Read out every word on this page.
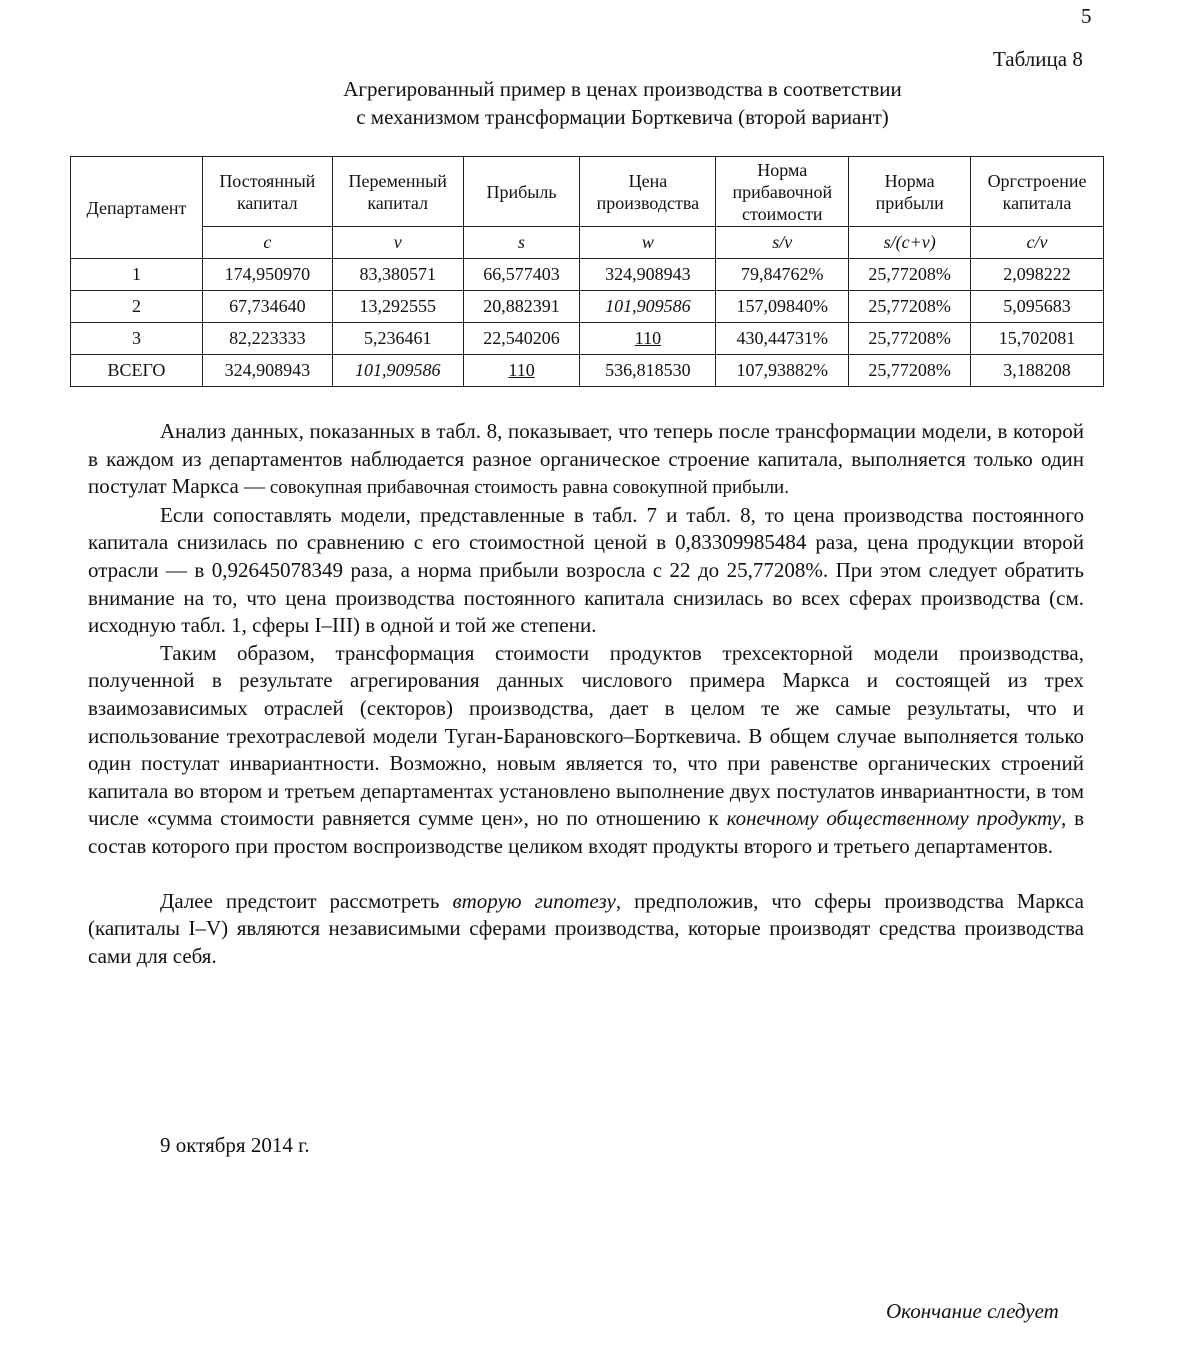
5
Таблица 8
Агрегированный пример в ценах производства в соответствии
с механизмом трансформации Борткевича (второй вариант)
Департамент	Постоянный капитал	Переменный капитал	Прибыль	Цена производства	Норма прибавочной стоимости	Норма прибыли	Оргстроение капитала
	c	v	s	w	s/v	s/(c+v)	c/v
1	174,950970	83,380571	66,577403	324,908943	79,84762%	25,77208%	2,098222
2	67,734640	13,292555	20,882391	101,909586	157,09840%	25,77208%	5,095683
3	82,223333	5,236461	22,540206	110	430,44731%	25,77208%	15,702081
ВСЕГО	324,908943	101,909586	110	536,818530	107,93882%	25,77208%	3,188208

Анализ данных, показанных в табл. 8, показывает, что теперь после трансформации модели, в которой в каждом из департаментов наблюдается разное органическое строение капитала, выполняется только один постулат Маркса — совокупная прибавочная стоимость равна совокупной прибыли.

Если сопоставлять модели, представленные в табл. 7 и табл. 8, то цена производства постоянного капитала снизилась по сравнению с его стоимостной ценой в 0,83309985484 раза, цена продукции второй отрасли — в 0,92645078349 раза, а норма прибыли возросла с 22 до 25,77208%. При этом следует обратить внимание на то, что цена производства постоянного капитала снизилась во всех сферах производства (см. исходную табл. 1, сферы I–III) в одной и той же степени.

Таким образом, трансформация стоимости продуктов трехсекторной модели производства, полученной в результате агрегирования данных числового примера Маркса и состоящей из трех взаимозависимых отраслей (секторов) производства, дает в целом те же самые результаты, что и использование трехотраслевой модели Туган-Барановского–Борткевича. В общем случае выполняется только один постулат инвариантности. Возможно, новым является то, что при равенстве органических строений капитала во втором и третьем департаментах установлено выполнение двух постулатов инвариантности, в том числе «сумма стоимости равняется сумме цен», но по отношению к конечному общественному продукту, в состав которого при простом воспроизводстве целиком входят продукты второго и третьего департаментов.

Далее предстоит рассмотреть вторую гипотезу, предположив, что сферы производства Маркса (капиталы I–V) являются независимыми сферами производства, которые производят средства производства сами для себя.

9 октября 2014 г.
Окончание следует
